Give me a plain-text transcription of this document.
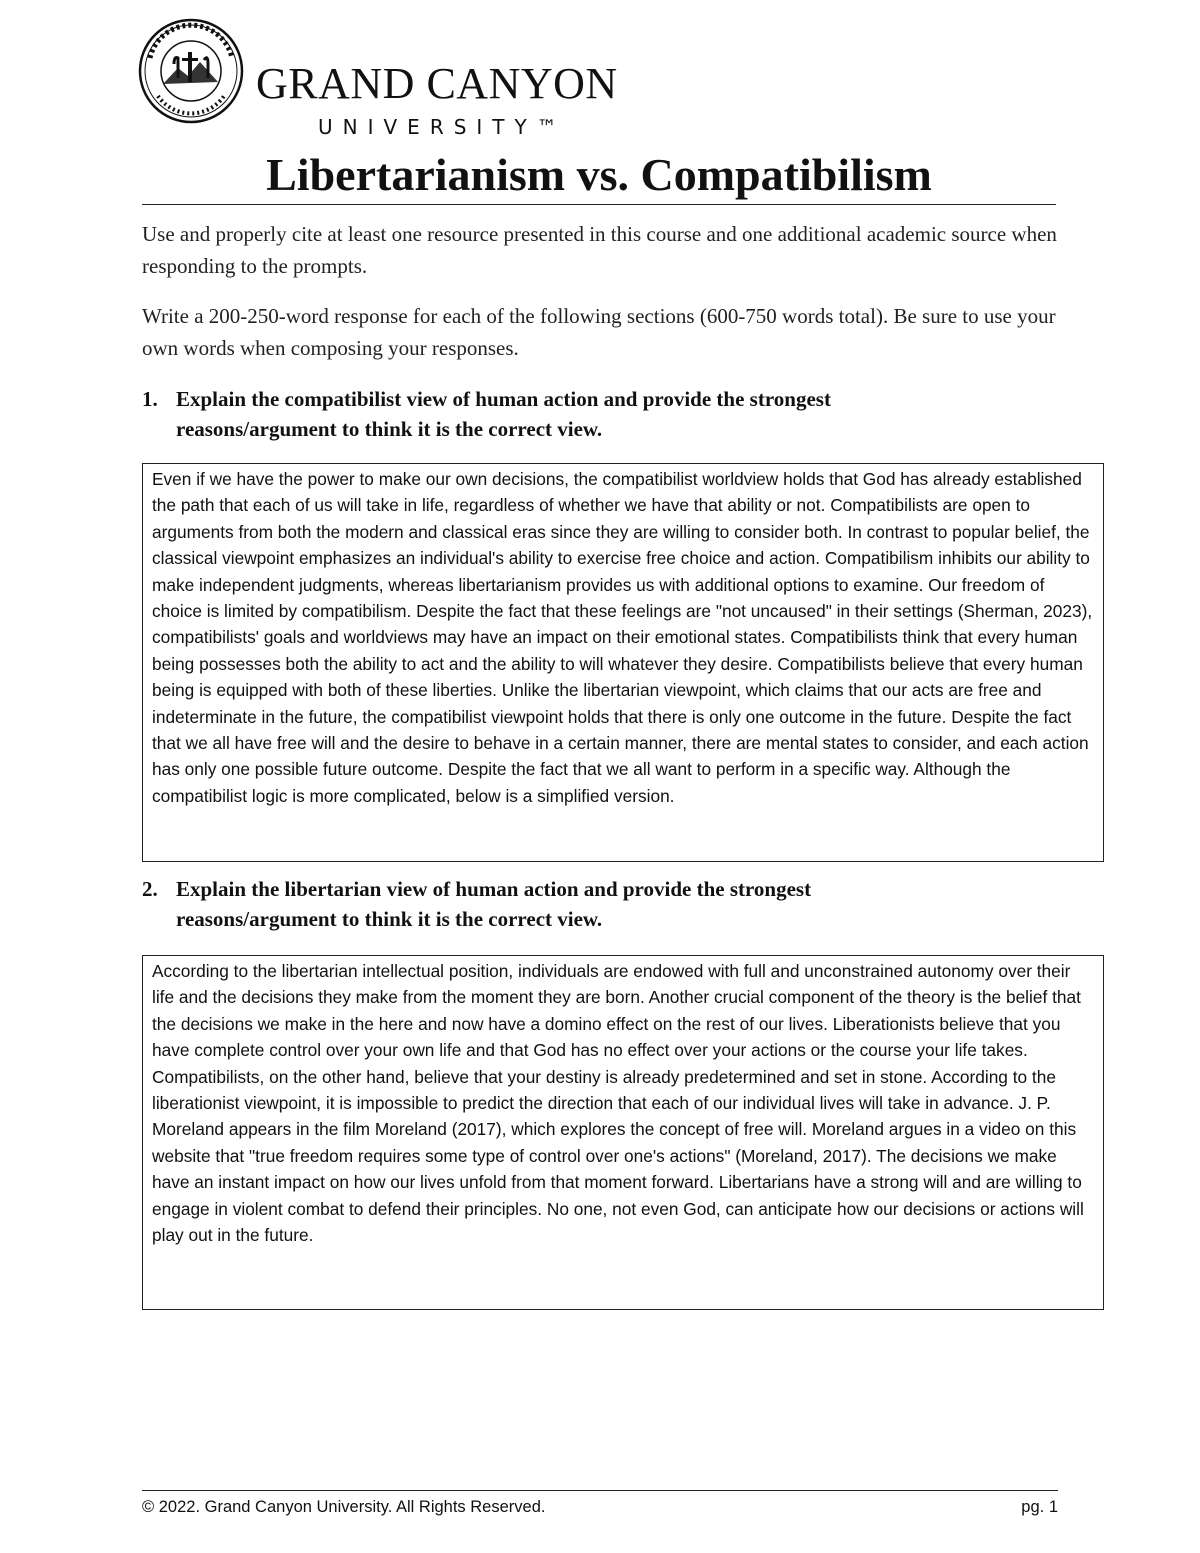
GRAND CANYON
UNIVERSITY™
Libertarianism vs. Compatibilism
Use and properly cite at least one resource presented in this course and one additional academic source when responding to the prompts.
Write a 200-250-word response for each of the following sections (600-750 words total). Be sure to use your own words when composing your responses.
1. Explain the compatibilist view of human action and provide the strongest reasons/argument to think it is the correct view.
Even if we have the power to make our own decisions, the compatibilist worldview holds that God has already established the path that each of us will take in life, regardless of whether we have that ability or not. Compatibilists are open to arguments from both the modern and classical eras since they are willing to consider both. In contrast to popular belief, the classical viewpoint emphasizes an individual's ability to exercise free choice and action. Compatibilism inhibits our ability to make independent judgments, whereas libertarianism provides us with additional options to examine. Our freedom of choice is limited by compatibilism. Despite the fact that these feelings are "not uncaused" in their settings (Sherman, 2023), compatibilists' goals and worldviews may have an impact on their emotional states. Compatibilists think that every human being possesses both the ability to act and the ability to will whatever they desire. Compatibilists believe that every human being is equipped with both of these liberties. Unlike the libertarian viewpoint, which claims that our acts are free and indeterminate in the future, the compatibilist viewpoint holds that there is only one outcome in the future. Despite the fact that we all have free will and the desire to behave in a certain manner, there are mental states to consider, and each action has only one possible future outcome. Despite the fact that we all want to perform in a specific way. Although the compatibilist logic is more complicated, below is a simplified version.
2. Explain the libertarian view of human action and provide the strongest reasons/argument to think it is the correct view.
According to the libertarian intellectual position, individuals are endowed with full and unconstrained autonomy over their life and the decisions they make from the moment they are born. Another crucial component of the theory is the belief that the decisions we make in the here and now have a domino effect on the rest of our lives. Liberationists believe that you have complete control over your own life and that God has no effect over your actions or the course your life takes. Compatibilists, on the other hand, believe that your destiny is already predetermined and set in stone. According to the liberationist viewpoint, it is impossible to predict the direction that each of our individual lives will take in advance. J. P. Moreland appears in the film Moreland (2017), which explores the concept of free will. Moreland argues in a video on this website that "true freedom requires some type of control over one's actions" (Moreland, 2017). The decisions we make have an instant impact on how our lives unfold from that moment forward. Libertarians have a strong will and are willing to engage in violent combat to defend their principles. No one, not even God, can anticipate how our decisions or actions will play out in the future.
© 2022. Grand Canyon University. All Rights Reserved.	pg. 1
